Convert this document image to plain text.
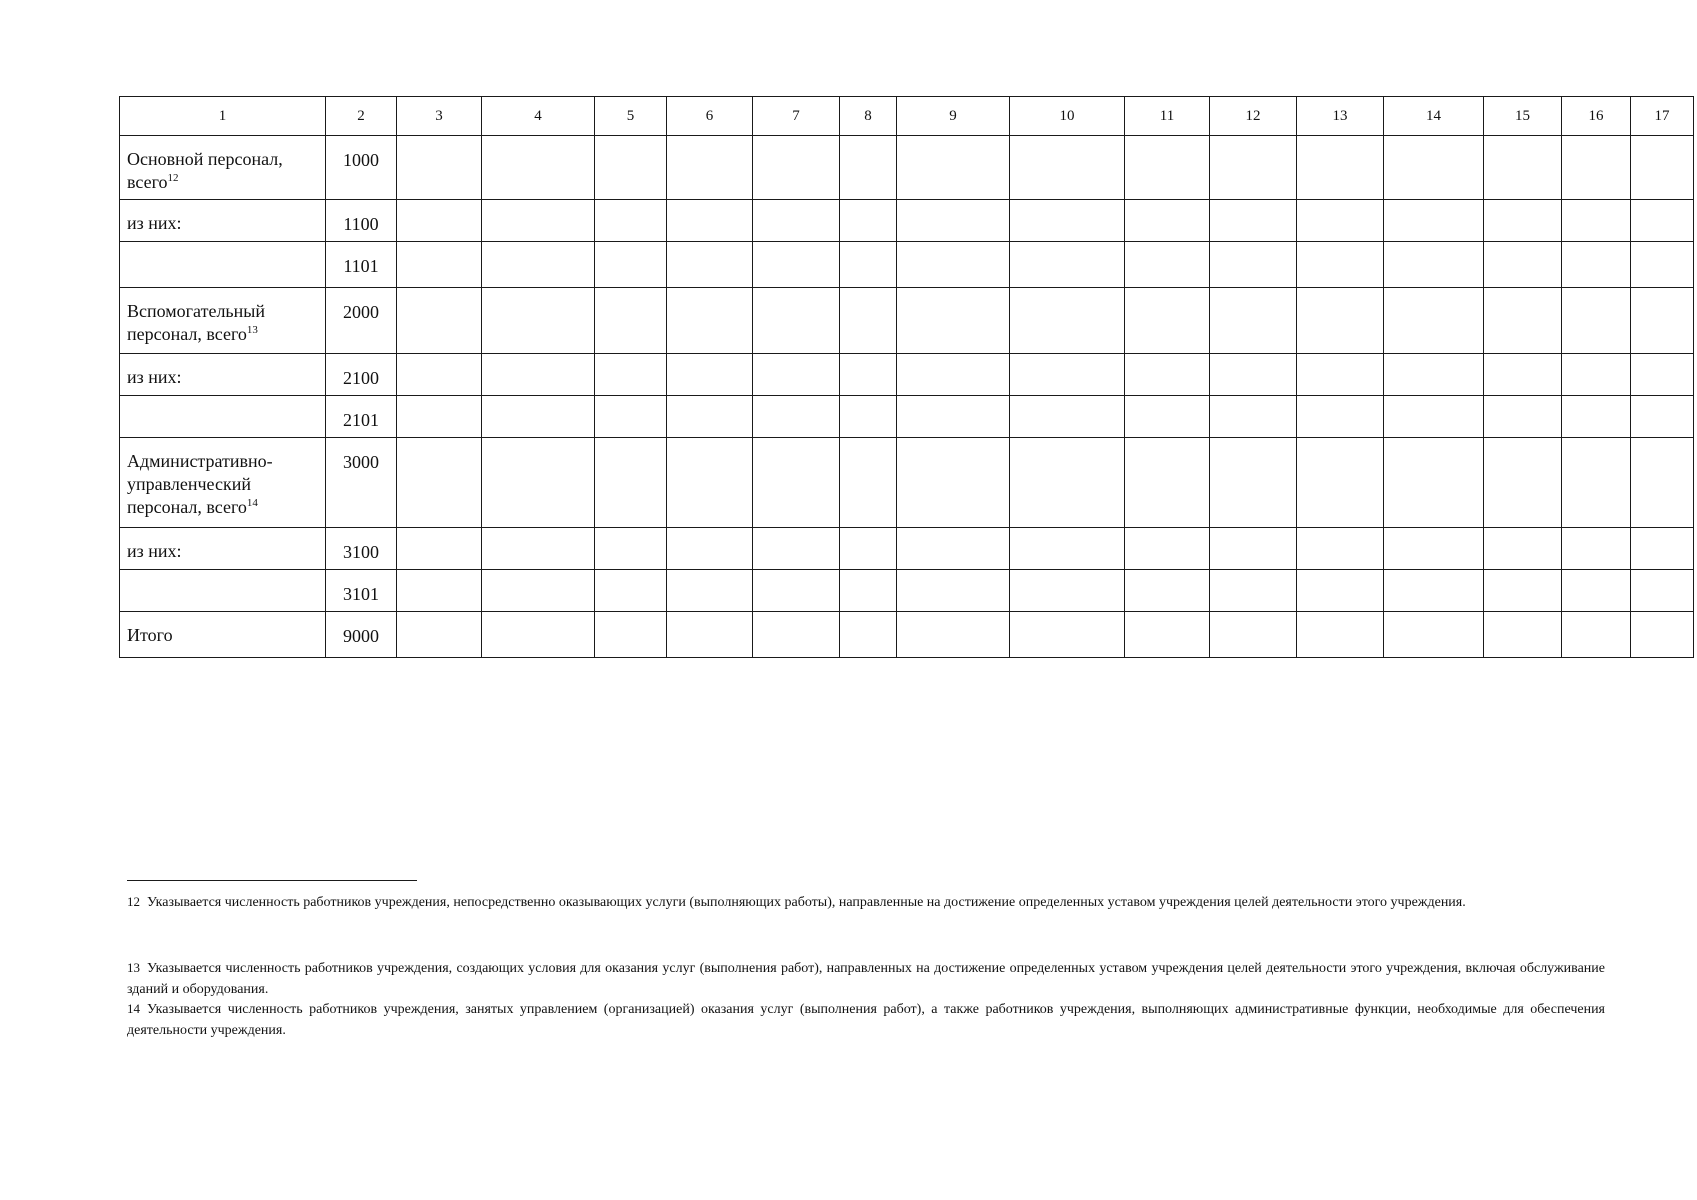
1	2	3	4	5	6	7	8	9	10	11	12	13	14	15	16	17
Основной персонал, всего$^{12}$	1000															
из них:	1100															
	1101															
Вспомогательный персонал, всего$^{13}$	2000															
из них:	2100															
	2101															
Административно-управленческий персонал, всего$^{14}$	3000															
из них:	3100															
	3101															
Итого	9000															
12 Указывается численность работников учреждения, непосредственно оказывающих услуги (выполняющих работы), направленные на достижение определенных уставом учреждения целей деятельности этого учреждения.
13 Указывается численность работников учреждения, создающих условия для оказания услуг (выполнения работ), направленных на достижение определенных уставом учреждения целей деятельности этого учреждения, включая обслуживание зданий и оборудования.
14 Указывается численность работников учреждения, занятых управлением (организацией) оказания услуг (выполнения работ), а также работников учреждения, выполняющих административные функции, необходимые для обеспечения деятельности учреждения.
